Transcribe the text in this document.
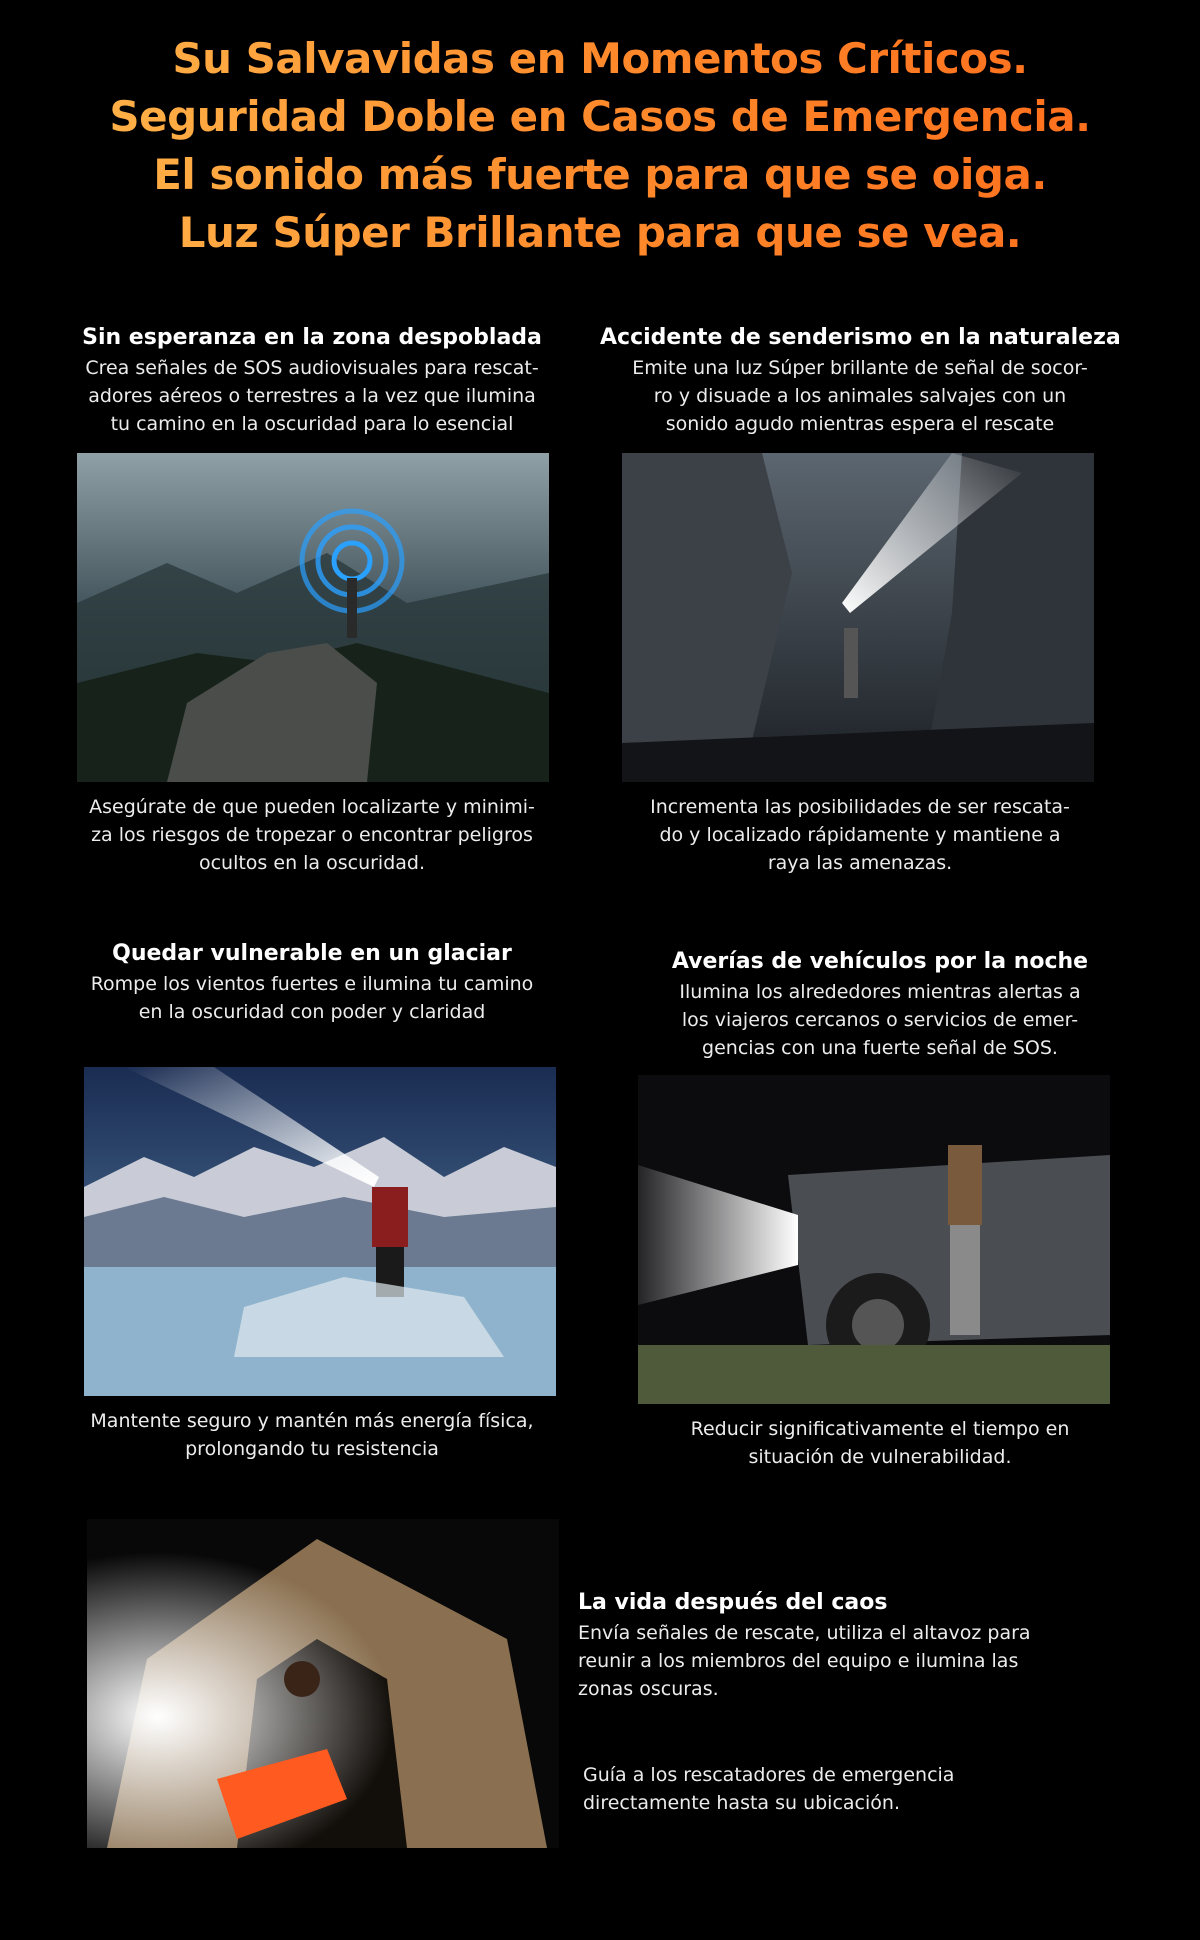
Su Salvavidas en Momentos Críticos.
Seguridad Doble en Casos de Emergencia.
El sonido más fuerte para que se oiga.
Luz Súper Brillante para que se vea.
Sin esperanza en la zona despoblada
Crea señales de SOS audiovisuales para rescat-
adores aéreos o terrestres a la vez que ilumina
tu camino en la oscuridad para lo esencial
Asegúrate de que pueden localizarte y minimi-
za los riesgos de tropezar o encontrar peligros
ocultos en la oscuridad.
Accidente de senderismo en la naturaleza
Emite una luz Súper brillante de señal de socor-
ro y disuade a los animales salvajes con un
sonido agudo mientras espera el rescate
Incrementa las posibilidades de ser rescata-
do y localizado rápidamente y mantiene a
raya las amenazas.
Quedar vulnerable en un glaciar
Rompe los vientos fuertes e ilumina tu camino
en la oscuridad con poder y claridad
Mantente seguro y mantén más energía física,
prolongando tu resistencia
Averías de vehículos por la noche
Ilumina los alrededores mientras alertas a
los viajeros cercanos o servicios de emer-
gencias con una fuerte señal de SOS.
Reducir significativamente el tiempo en
situación de vulnerabilidad.
La vida después del caos
Envía señales de rescate, utiliza el altavoz para
reunir a los miembros del equipo e ilumina las
zonas oscuras.
Guía a los rescatadores de emergencia
directamente hasta su ubicación.
